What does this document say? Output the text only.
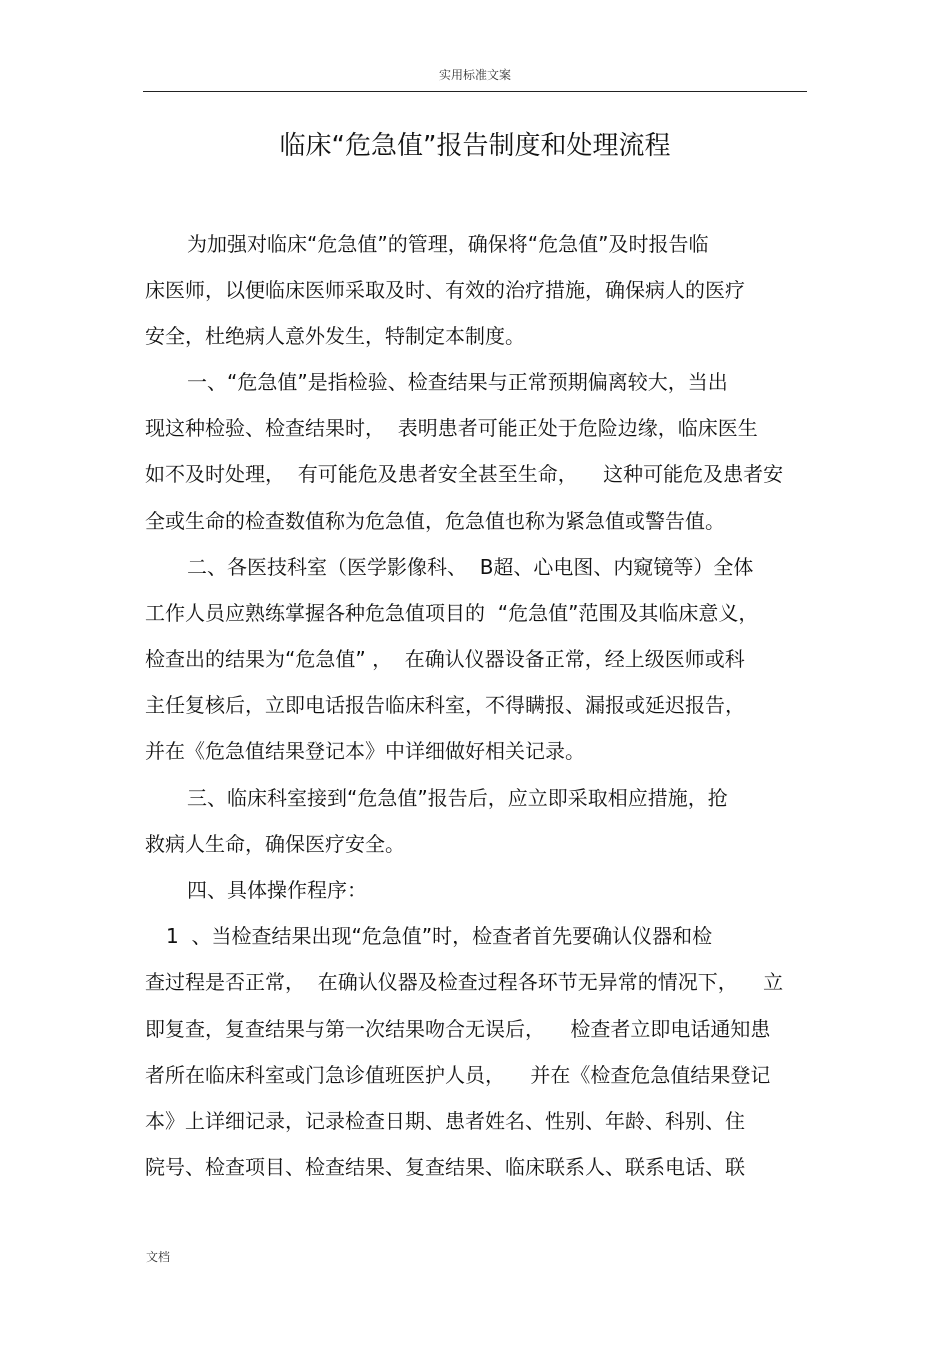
实用标准文案
临床“危急值”报告制度和处理流程
为加强对临床“危急值”的管理，确保将“危急值”及时报告临
床医师，以便临床医师采取及时、有效的治疗措施，确保病人的医疗
安全，杜绝病人意外发生，特制定本制度。
一、“危急值”是指检验、检查结果与正常预期偏离较大，当出
现这种检验、检查结果时，  表明患者可能正处于危险边缘，临床医生
如不及时处理，  有可能危及患者安全甚至生命，    这种可能危及患者安
全或生命的检查数值称为危急值，危急值也称为紧急值或警告值。
二、各医技科室（医学影像科、  B超、心电图、内窥镜等）全体
工作人员应熟练掌握各种危急值项目的  “危急值”范围及其临床意义，
检查出的结果为“危急值” ，  在确认仪器设备正常，经上级医师或科
主任复核后，立即电话报告临床科室，不得瞒报、漏报或延迟报告，
并在《危急值结果登记本》中详细做好相关记录。
三、临床科室接到“危急值”报告后，应立即采取相应措施，抢
救病人生命，确保医疗安全。
四、具体操作程序：
1  、当检查结果出现“危急值”时，检查者首先要确认仪器和检
查过程是否正常，  在确认仪器及检查过程各环节无异常的情况下，    立
即复查，复查结果与第一次结果吻合无误后，    检查者立即电话通知患
者所在临床科室或门急诊值班医护人员，    并在《检查危急值结果登记
本》上详细记录，记录检查日期、患者姓名、性别、年龄、科别、住
院号、检查项目、检查结果、复查结果、临床联系人、联系电话、联
文档
